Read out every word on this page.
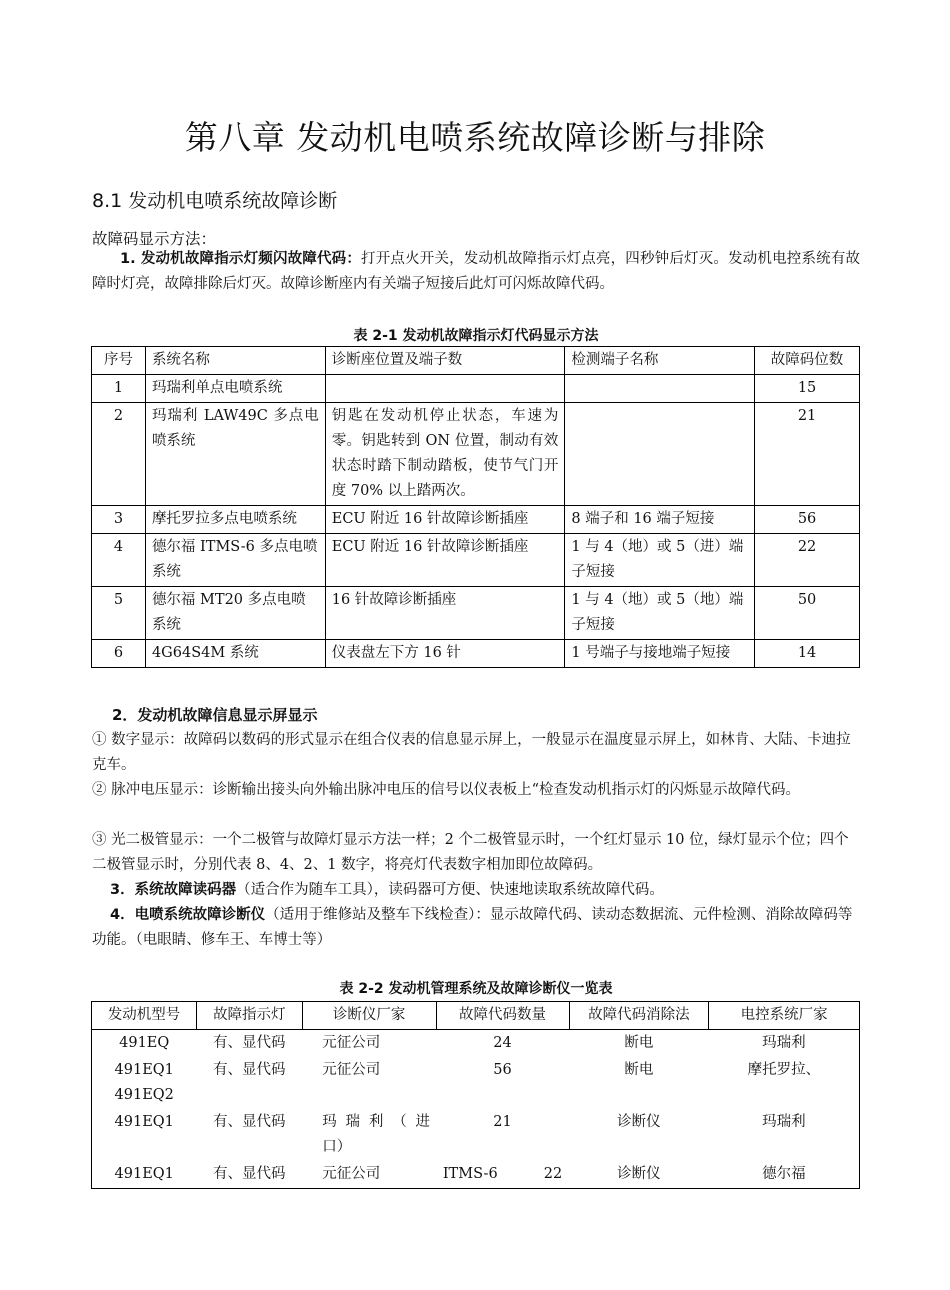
第八章 发动机电喷系统故障诊断与排除
8.1 发动机电喷系统故障诊断
故障码显示方法：

1. 发动机故障指示灯频闪故障代码：打开点火开关，发动机故障指示灯点亮，四秒钟后灯灭。发动机电控系统有故障时灯亮，故障排除后灯灭。故障诊断座内有关端子短接后此灯可闪烁故障代码。

表 2-1 发动机故障指示灯代码显示方法
序号	系统名称	诊断座位置及端子数	检测端子名称	故障码位数
1	玛瑞利单点电喷系统			15
2	玛瑞利 LAW49C 多点电喷系统	钥匙在发动机停止状态，车速为零。钥匙转到 ON 位置，制动有效状态时踏下制动踏板，使节气门开度 70% 以上踏两次。		21
3	摩托罗拉多点电喷系统	ECU 附近 16 针故障诊断插座	8 端子和 16 端子短接	56
4	德尔福 ITMS-6 多点电喷系统	ECU 附近 16 针故障诊断插座	1 与 4（地）或 5（进）端子短接	22
5	德尔福 MT20 多点电喷系统	16 针故障诊断插座	1 与 4（地）或 5（地）端子短接	50
6	4G64S4M 系统	仪表盘左下方 16 针	1 号端子与接地端子短接	14
2．发动机故障信息显示屏显示

① 数字显示：故障码以数码的形式显示在组合仪表的信息显示屏上，一般显示在温度显示屏上，如林肯、大陆、卡迪拉克车。

② 脉冲电压显示：诊断输出接头向外输出脉冲电压的信号以仪表板上“检查发动机指示灯的闪烁显示故障代码。

③ 光二极管显示：一个二极管与故障灯显示方法一样；2 个二极管显示时，一个红灯显示 10 位，绿灯显示个位；四个二极管显示时，分别代表 8、4、2、1 数字，将亮灯代表数字相加即位故障码。

3．系统故障读码器（适合作为随车工具），读码器可方便、快速地读取系统故障代码。

4．电喷系统故障诊断仪（适用于维修站及整车下线检查）：显示故障代码、读动态数据流、元件检测、消除故障码等功能。（电眼睛、修车王、车博士等）

表 2-2 发动机管理系统及故障诊断仪一览表
发动机型号	故障指示灯	诊断仪厂家	故障代码数量	故障代码消除法	电控系统厂家
491EQ	有、显代码	元征公司	24	断电	玛瑞利
491EQ1 491EQ2	有、显代码	元征公司	56	断电	摩托罗拉、
491EQ1	有、显代码	玛 瑞 利 （ 进口）	21	诊断仪	玛瑞利
491EQ1	有、显代码	元征公司	ITMS-6          22	诊断仪	德尔福
